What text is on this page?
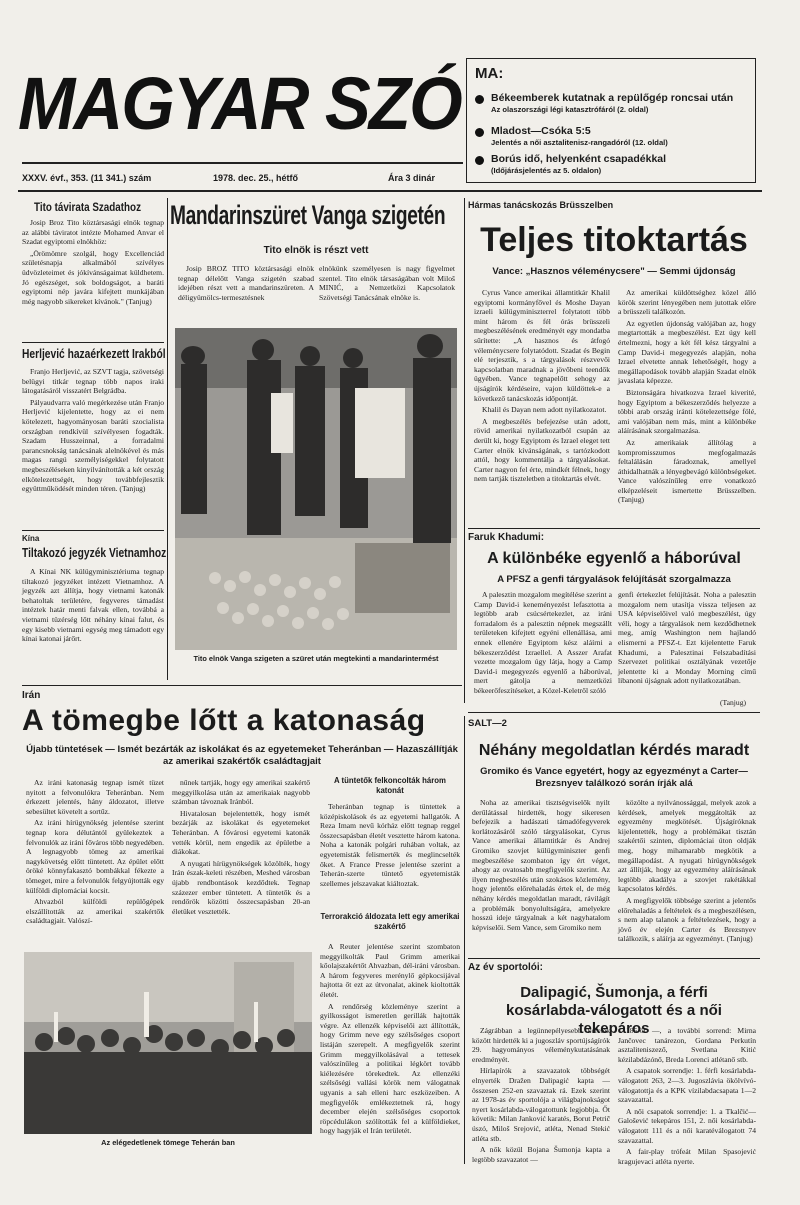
MAGYAR SZÓ
XXXV. évf., 353. (11 341.) szám	1978. dec. 25., hétfő	Ára 3 dinár
MA:
Békeemberek kutatnak a repülőgép roncsai után
Az olaszországi légi katasztrófáról (2. oldal)
Mladost—Csóka 5:5
Jelentés a női asztalitenisz-rangadóról (12. oldal)
Borús idő, helyenként csapadékkal
(Időjárásjelentés az 5. oldalon)
Tito táviratа Szadathoz

Josip Broz Tito köztársasági elnök tegnap az alábbi táviratot intézte Mohamed Anvar el Szadat egyiptomi elnökhöz:

„Örömömre szolgál, hogy Excellenciád születésnapja alkalmából szívélyes üdvözleteimet és jókívánságaimat küldhetem. Jó egészséget, sok boldogságot, a baráti egyiptomi nép javára kifejtett munkájában még nagyobb sikereket kívánok." (Tanjug)

Herljević hazaérkezett Irakból

Franjo Herljević, az SZVT tagja, szövetségi belügyi titkár tegnap több napos iraki látogatásáról visszatért Belgrádba.

Pályaudvarra való megérkezése után Franjo Herljević kijelentette, hogy az ei nem kötelezett, hagyományosan baráti szocialista országban rendkívül szívélyesen fogadták. Szadam Husszeinnal, a forradalmi parancsnokság tanácsának alelnökével és más magas rangú személyiségekkel folytatott megbeszéléseken kinyilvánították a két ország elkötelezettségét, hogy továbbfejlesztik együttműködését minden téren. (Tanjug)

Kína
Tiltakozó jegyzék Vietnamhoz

A Kínai NK külügyminisztériuma tegnap tiltakozó jegyzéket intézett Vietnamhoz. A jegyzék azt állítja, hogy vietnami katonák behatoltak területére, fegyveres támadást intéztek határ menti falvak ellen, továbbá a vietnami tüzérség lőtt néhány kínai falut, és egy kisebb vietnami egység meg támadott egy kínai katonai járőrt.

Mandarinszüret Vanga szigetén
Tito elnök is részt vett
Josip BROZ TITO köztársasági elnök tegnap délelőtt Vanga szigetén szabad idejében részt vett a mandarinszüreten. A déligyümölcs-termesztésnek
elnökünk személyesen is nagy figyelmet szentel. Tito elnök társaságában volt Miloš MINIĆ, a Nemzetközi Kapcsolatok Szövetségi Tanácsának elnöke is.
Tito elnök Vanga szigeten a szüret után megtekinti a mandarintermést
Hármas tanácskozás Brüsszelben
Teljes titoktartás
Vance: „Hasznos véleménycsere" — Semmi újdonság

Cyrus Vance amerikai államtitkár Khalil egyiptomi kormányfővel és Moshe Dayan izraeli külügyminiszterrel folytatott több mint három és fél órás brüsszeli megbeszélésének eredményét egy mondatba sűrítette: „A hasznos és átfogó véleménycsere folytatódott. Szadat és Begin elé terjesztik, s a tárgyalások részvevői kapcsolatban maradnak a jövőbeni teendők ügyében. Vance tegnapelőtt sehogy az újságírók kérdéseire, vajon küldöttek-e a következő tanácskozás időpontját.

Khalil és Dayan nem adott nyilatkozatot.

A megbeszélés befejezése után adott, rövid amerikai nyilatkozatból csupán az derült ki, hogy Egyiptom és Izrael eleget tett Carter elnök kívánságának, s tartózkodott attól, hogy kommentálja a tárgyalásokat. Carter nagyon fel érte, mindkét félnek, hogy nem tartják tiszteletben a titoktartás elvét.

Az amerikai küldöttséghez közel álló körök szerint lényegében nem jutottak előre a brüsszeli találkozón.

Az egyetlen újdonság valójában az, hogy megtartották a megbeszélést. Ezt úgy kell értelmezni, hogy a két fél kész tárgyalni a Camp David-i megegyezés alapján, noha Izrael elvetette annak lehetőségét, hogy a megállapodások tovább alapján Szadat elnök javaslata képezze.

Biztonságára hivatkozva Izrael kiverité, hogy Egyiptom a békeszerződés helyezze a többi arab ország iránti kötelezettsége fölé, ami valójában nem más, mint a különbéke aláírásának szorgalmazása.

Az amerikaiak állítólag a kompromisszumos megfogalmazás feltalálásán fáradoznak, amellyel áthidalhatnák a lényegbevágó különbségeket. Vance valószínűleg erre vonatkozó elképzeléseit ismertette Brüsszelben. (Tanjug)

Faruk Khadumi:
A különbéke egyenlő a háborúval
A PFSZ a genfi tárgyalások felújítását szorgalmazza
A palesztin mozgalom megítélése szerint a Camp David-i keneményezést lefasztotta a legtöbb arab csúcsértekezlet, az iráni forradalom és a palesztin népnek megszállt területeken kifejtett egyéni ellenállása, ami ennek ellenére Egyiptom kész aláírni a békeszerződést Izraellel. A Asszer Arafat vezette mozgalom úgy látja, hogy a Camp David-i megegyezés egyenlő a háborúval, mert gátolja a nemzetközi békeerőfeszítéseket, a Közel-Keletről szóló
genfi értekezlet felújítását. Noha a palesztin mozgalom nem utasítja vissza teljesen az USA képviselőivel való megbeszélést, úgy véli, hogy a tárgyalások nem kezdődhetnek meg, amíg Washington nem hajlandó elismerni a PFSZ-t. Ezt kijelentette Faruk Khadumi, a Palesztinai Felszabadítási Szervezet politikai osztályának vezetője jelentette ki a Monday Morning című libanoni újságnak adott nyilatkozatában.
(Tanjug)
Irán
A tömegbe lőtt a katonaság
Újabb tüntetések — Ismét bezárták az iskolákat és az egyetemeket Teheránban — Hazaszállítják az amerikai szakértők családtagjait

Az iráni katonaság tegnap ismét tüzet nyitott a felvonulókra Teheránban. Nem érkezett jelentés, hány áldozatot, illetve sebesültet követelt a sortűz.

Az iráni hírügynökség jelentése szerint tegnap kora délutántól gyülekeztek a felvonulók az iráni főváros több negyedében. A legnagyobb tömeg az amerikai nagykövetség előtt tüntetett. Az épület előtt öröké könnyfakasztó bombákkal fékezte a tömeget, mire a felvonulók felgyújtották egy külföldi diplomáciai kocsit.

Ahvazból külföldi repülőgépek elszállították az amerikai szakértők családtagjait. Valószí-

nűnek tartják, hogy egy amerikai szakértő meggyilkolása után az amerikaiak nagyobb számban távoznak Iránból.

Hivatalosan bejelentették, hogy ismét bezárják az iskolákat és egyetemeket Teheránban. A fővárosi egyetemi katonák vették körül, nem engedik az épületbe a diákokat.

A nyugati hírügynökségek közölték, hogy Irán észak-keleti részében, Meshed városban újabb rendbontások kezdődtek. Tegnap százezer ember tüntetett. A tüntetők és a rendőrök közötti összecsapásban 20-an életüket vesztették.

A tüntetők felkoncolták három katonát
Teheránban tegnap is tüntettek a középiskolások és az egyetemi hallgatók. A Reza Imam nevű kórház előtt tegnap reggel összecsapásban életét vesztette három katona. Noha a katonák polgári ruhában voltak, az egyetemisták felismerték és meglincselték őket. A France Presse jelentése szerint a Teherán-szerte tüntető egyetemisták szellemes jelszavakat kiáltoztak.
Terrorakció áldozata lett egy amerikai szakértő

A Reuter jelentése szerint szombaton meggyilkolták Paul Grimm amerikai kőolajszakértőt Ahvazban, dél-iráni városban. A három fegyveres merénylő gépkocsijával hajtotta őt ezt az útvonalat, akinek kioltották életét.

A rendőrség közleménye szerint a gyilkosságot ismeretlen gerillák hajtották végre. Az ellenzék képviselői azt állították, hogy Grimm neve egy szélsőséges csoport listáján szerepelt. A megfigyelők szerint Grimm meggyilkolásával a tettesek valószínűleg a politikai légkört tovább kiélezésére törekedtek. Az ellenzéki szélsőségi vallási körök nem válogatnak ugyanis a sah elleni harc eszközeiben. A megfigyelők emlékeztetnek rá, hogy december elején szélsőséges csoportok röpcédulákon szólították fel a külföldieket, hogy hagyják el Irán területét.

Az elégedetlenek tömege Teherán ban
SALT—2
Néhány megoldatlan kérdés maradt
Gromiko és Vance egyetért, hogy az egyezményt a Carter—Brezsnyev találkozó során írják alá
Noha az amerikai tisztségviselők nyilt derűlátással hirdették, hogy sikeresen befejezik a hadászati támadófegyverek korlátozásáról szóló tárgyalásokat, Cyrus Vance amerikai államtitkár és Andrej Gromiko szovjet külügyminiszter genfi megbeszélése szombaton így ért véget, ahogy az ovatosabb megfigyelők szerint. Az ilyen megbeszélés után szokásos közlemény, hogy jelentős előrehaladás értek el, de még néhány kérdés megoldatlan maradt, rávilágít a problémák bonyolultságára, amelyekre hosszú ideje tárgyalnak a két nagyhatalom képviselői. Sem Vance, sem Gromiko nem

közölte a nyilvánossággal, melyek azok a kérdések, amelyek meggátolták az egyezmény megkötését. Újságíróknak kijelentették, hogy a problémákat tisztán szakértői szinten, diplomáciai úton oldják meg, hogy mihamarabb megkötik a megállapodást. A nyugati hírügynökségek azt állítják, hogy az egyezmény aláírásának legtöbb akadálya a szovjet rakétákkal kapcsolatos kérdés.

A megfigyelők többsége szerint a jelentős előrehaladás a feltételek és a megbeszélésen, s nem alap talanok a feltételezések, hogy a jövő év elején Carter és Brezsnyev találkozik, s aláírja az egyezményt. (Tanjug)

Az év sportolói:
Dalipagić, Šumonja, a férfi kosárlabda-válogatott és a női tekepáros

Zágrábban a legünnepélyesebb keretek között hirdették ki a jugoszláv sportújságírók 29. hagyományos véleménykutatásának eredményét.

Hírlapírók a szavazatok többségét elnyerték Dražen Dalipagić kapta — összesen 252-en szavaztak rá. Ezek szerint az 1978-as év sportolója a világbajnokságot nyert kosárlabda-válogatottunk legjobbja. Őt követik: Milan Janković karatés, Borut Petrič úszó, Miloš Srejović, atléta, Nenad Stekić atléta stb.

A nők közül Bojana Šumonja kapta a legtöbb szavazatot —

185-öt —, a további sorrend: Mirna Jančovec tanárezon, Gordana Perkutín asztaliteniszező, Svetlana Kitić kézilabdázónő, Breda Lorenci atlétanő stb.

A csapatok sorrendje: 1. férfi kosárlabda-válogatott 263, 2—3. Jugoszlávia ökölvívó-válogatottja és a KPK vízilabdacsapata 1—2 szavazattal.

A női csapatok sorrendje: 1. a Tkalčić—Galošević tekepáros 151, 2. női kosárlabda-válogatott 111 és a női karatéválogatott 74 szavazattal.

A fair-play trófeát Milan Spasojević kragujevaci atléta nyerte.
